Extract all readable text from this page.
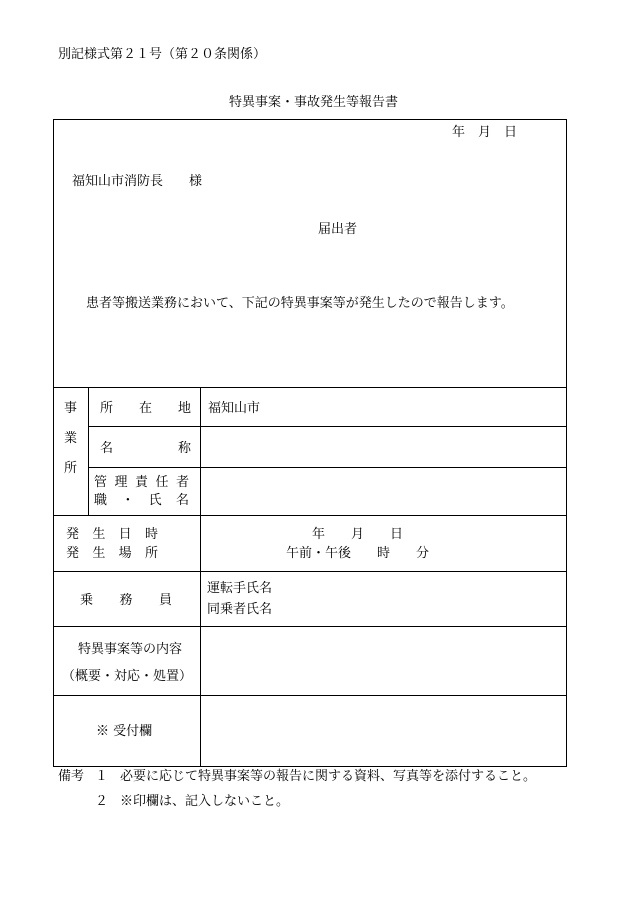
別記様式第２１号（第２０条関係）
特異事案・事故発生等報告書
年　月　日
福知山市消防長　　様
届出者
患者等搬送業務において、下記の特異事案等が発生したので報告します。
事
業
所
所 在 地 福知山市
名	称
管 理 責 任 者
職 ・ 氏 名
発 生 日 時
発 生 場 所
年　　月　　日
午前・午後　　時　　分
乗 務 員
運転手氏名
同乗者氏名
特異事案等の内容
（概要・対応・処置）
※ 受付欄
備考 １ 必要に応じて特異事案等の報告に関する資料、写真等を添付すること。
２ ※印欄は、記入しないこと。
